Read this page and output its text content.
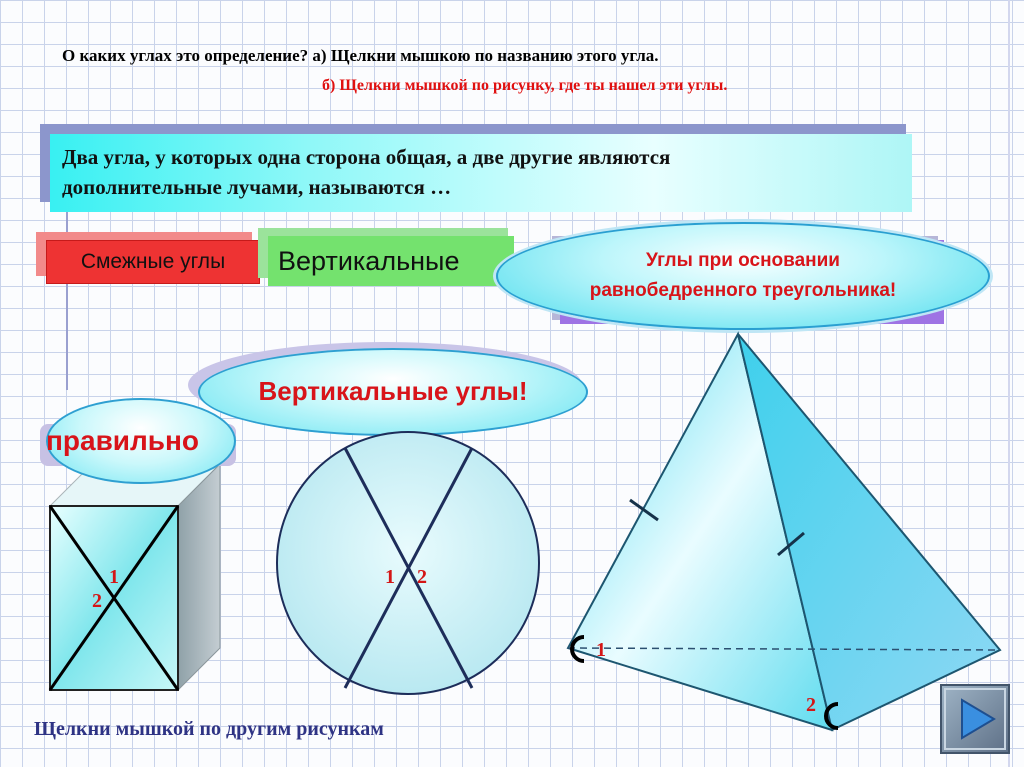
О каких углах это определение? а) Щелкни мышкою по названию этого угла.
б) Щелкни мышкой по рисунку, где ты нашел эти углы.
Два угла, у которых одна сторона общая, а две другие являются
дополнительные лучами, называются …
Смежные углы	Вертикальные	Углы при основании
равнобедренного треугольника!
Вертикальные углы!
1
2
1 2
1
2
правильно
Щелкни мышкой по другим рисункам
